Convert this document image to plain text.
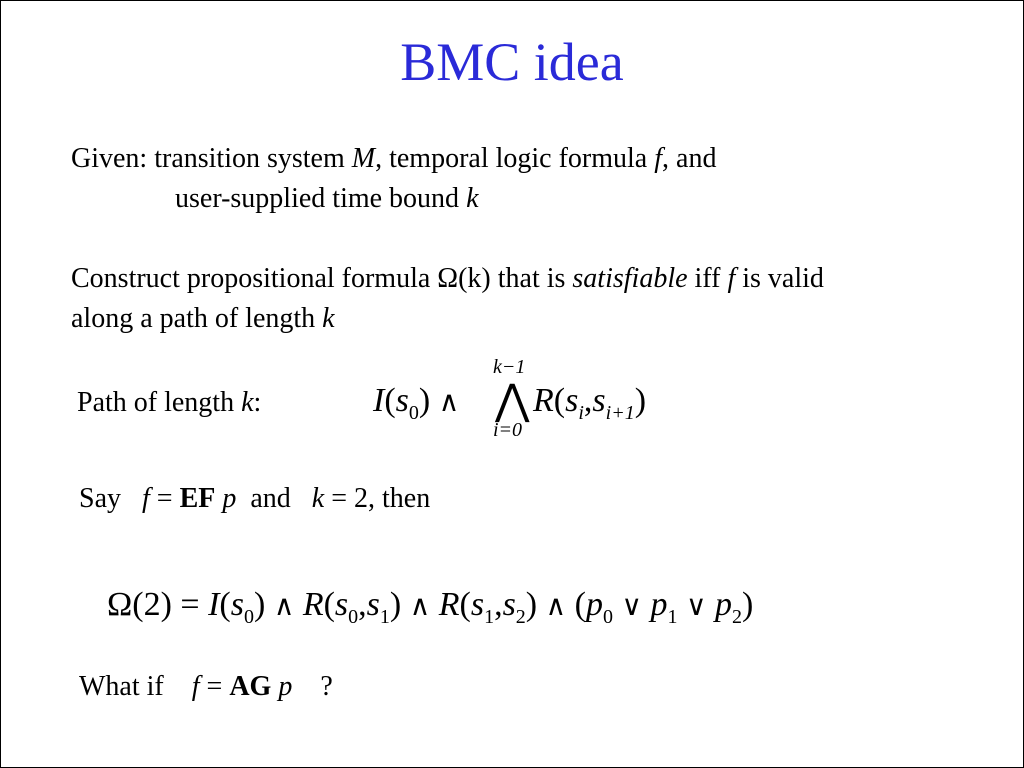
BMC idea
Given: transition system M, temporal logic formula f, and
user-supplied time bound k
Construct propositional formula Ω(k) that is satisfiable iff f is valid
along a path of length k
Path of length k:
k−1
i=0
$I(s_0)$ ∧ ⋀ $R(s_i,s_{i+1})$
Say f = EF p and k = 2, then
$\Omega(2) = I(s_0)$ ∧ $R(s_0,s_1)$ ∧ $R(s_1,s_2)$ ∧ ($p_0$ ∨ $p_1$ ∨ $p_2$)
What if f = AG p ?
